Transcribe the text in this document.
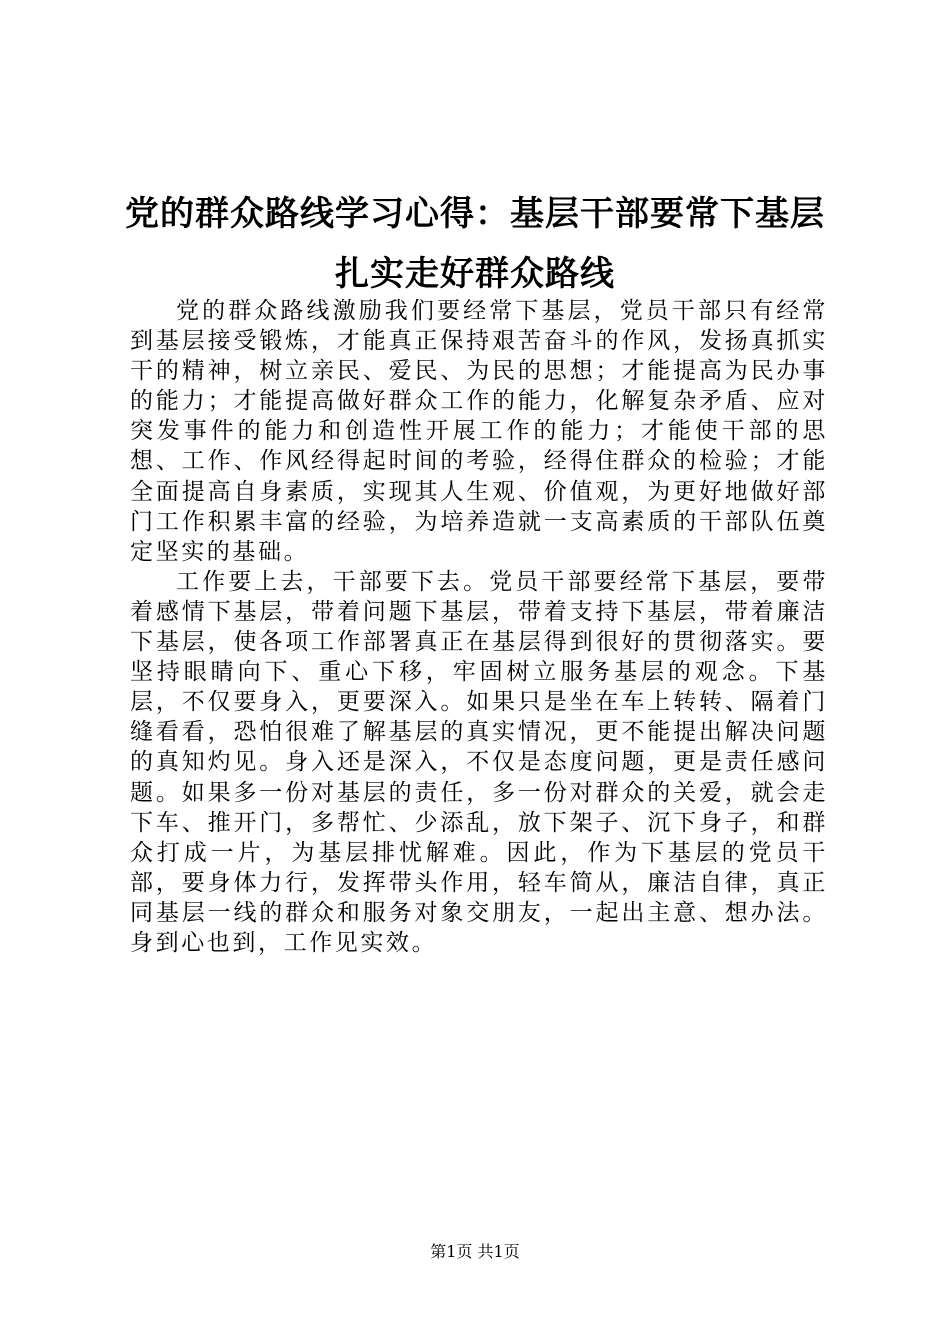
党的群众路线学习心得：基层干部要常下基层
扎实走好群众路线

党的群众路线激励我们要经常下基层，党员干部只有经常到基层接受锻炼，才能真正保持艰苦奋斗的作风，发扬真抓实干的精神，树立亲民、爱民、为民的思想；才能提高为民办事的能力；才能提高做好群众工作的能力，化解复杂矛盾、应对突发事件的能力和创造性开展工作的能力；才能使干部的思想、工作、作风经得起时间的考验，经得住群众的检验；才能全面提高自身素质，实现其人生观、价值观，为更好地做好部门工作积累丰富的经验，为培养造就一支高素质的干部队伍奠定坚实的基础。

工作要上去，干部要下去。党员干部要经常下基层，要带着感情下基层，带着问题下基层，带着支持下基层，带着廉洁下基层，使各项工作部署真正在基层得到很好的贯彻落实。要坚持眼睛向下、重心下移，牢固树立服务基层的观念。下基层，不仅要身入，更要深入。如果只是坐在车上转转、隔着门缝看看，恐怕很难了解基层的真实情况，更不能提出解决问题的真知灼见。身入还是深入，不仅是态度问题，更是责任感问题。如果多一份对基层的责任，多一份对群众的关爱，就会走下车、推开门，多帮忙、少添乱，放下架子、沉下身子，和群众打成一片，为基层排忧解难。因此，作为下基层的党员干部，要身体力行，发挥带头作用，轻车简从，廉洁自律，真正同基层一线的群众和服务对象交朋友，一起出主意、想办法。身到心也到，工作见实效。

第1页 共1页
